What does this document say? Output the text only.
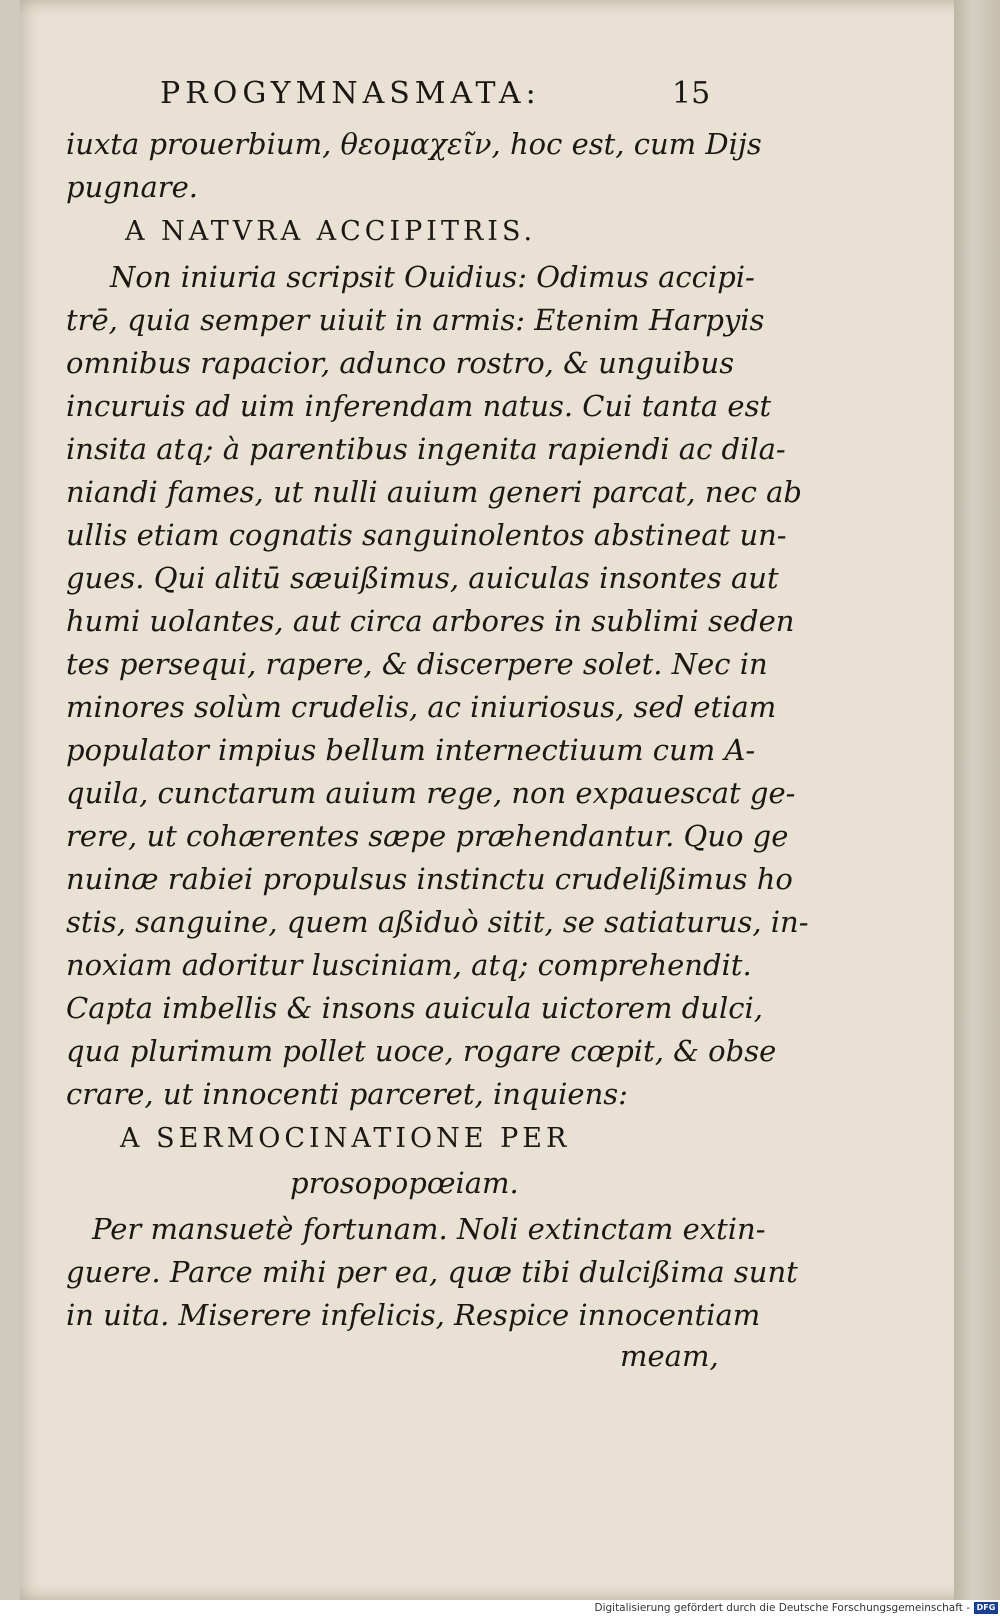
PROGYMNASMATA:	15

iuxta prouerbium, θεομαχεῖν, hoc est, cum Dijs

pugnare.

A NATVRA ACCIPITRIS.

Non iniuria scripsit Ouidius: Odimus accipi-

trē, quia semper uiuit in armis: Etenim Harpyis

omnibus rapacior, adunco rostro, & unguibus

incuruis ad uim inferendam natus. Cui tanta est

insita atq; à parentibus ingenita rapiendi ac dila-

niandi fames, ut nulli auium generi parcat, nec ab

ullis etiam cognatis sanguinolentos abstineat un-

gues. Qui alitū sæuißimus, auiculas insontes aut

humi uolantes, aut circa arbores in sublimi seden

tes persequi, rapere, & discerpere solet. Nec in

minores solùm crudelis, ac iniuriosus, sed etiam

populator impius bellum internectiuum cum A-

quila, cunctarum auium rege, non expauescat ge-

rere, ut cohærentes sæpe præhendantur. Quo ge

nuinæ rabiei propulsus instinctu crudelißimus ho

stis, sanguine, quem aßiduò sitit, se satiaturus, in-

noxiam adoritur lusciniam, atq; comprehendit.

Capta imbellis & insons auicula uictorem dulci,

qua plurimum pollet uoce, rogare cœpit, & obse

crare, ut innocenti parceret, inquiens:

A SERMOCINATIONE PER

prosopopœiam.

Per mansuetè fortunam. Noli extinctam extin-

guere. Parce mihi per ea, quæ tibi dulcißima sunt

in uita. Miserere infelicis, Respice innocentiam

meam,

Digitalisierung gefördert durch die Deutsche Forschungsgemeinschaft - DFG
